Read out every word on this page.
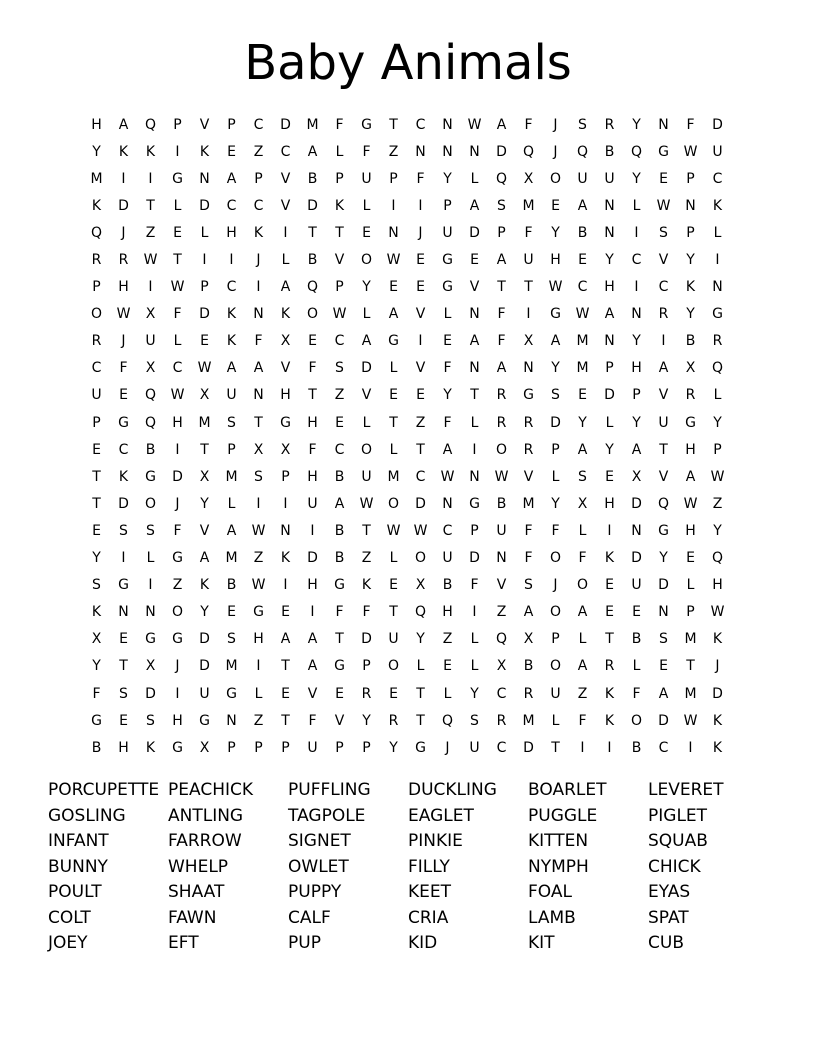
Baby Animals
H	A	Q	P	V	P	C	D	M	F	G	T	C	N	W	A	F	J	S	R	Y	N	F	D
Y	K	K	I	K	E	Z	C	A	L	F	Z	N	N	N	D	Q	J	Q	B	Q	G	W	U
M	I	I	G	N	A	P	V	B	P	U	P	F	Y	L	Q	X	O	U	U	Y	E	P	C
K	D	T	L	D	C	C	V	D	K	L	I	I	P	A	S	M	E	A	N	L	W	N	K
Q	J	Z	E	L	H	K	I	T	T	E	N	J	U	D	P	F	Y	B	N	I	S	P	L
R	R	W	T	I	I	J	L	B	V	O	W	E	G	E	A	U	H	E	Y	C	V	Y	I
P	H	I	W	P	C	I	A	Q	P	Y	E	E	G	V	T	T	W	C	H	I	C	K	N
O	W	X	F	D	K	N	K	O	W	L	A	V	L	N	F	I	G	W	A	N	R	Y	G
R	J	U	L	E	K	F	X	E	C	A	G	I	E	A	F	X	A	M	N	Y	I	B	R
C	F	X	C	W	A	A	V	F	S	D	L	V	F	N	A	N	Y	M	P	H	A	X	Q
U	E	Q	W	X	U	N	H	T	Z	V	E	E	Y	T	R	G	S	E	D	P	V	R	L
P	G	Q	H	M	S	T	G	H	E	L	T	Z	F	L	R	R	D	Y	L	Y	U	G	Y
E	C	B	I	T	P	X	X	F	C	O	L	T	A	I	O	R	P	A	Y	A	T	H	P
T	K	G	D	X	M	S	P	H	B	U	M	C	W	N	W	V	L	S	E	X	V	A	W
T	D	O	J	Y	L	I	I	U	A	W	O	D	N	G	B	M	Y	X	H	D	Q	W	Z
E	S	S	F	V	A	W	N	I	B	T	W W	C	P	U	F	F	L	I	N	G	H	Y
Y	I	L	G	A	M	Z	K	D	B	Z	L	O	U	D	N	F	O	F	K	D	Y	E	Q
S	G	I	Z	K	B	W	I	H	G	K	E	X	B	F	V	S	J	O	E	U	D	L	H
K	N	N	O	Y	E	G	E	I	F	F	T	Q	H	I	Z	A	O	A	E	E	N	P	W
X	E	G	G	D	S	H	A	A	T	D	U	Y	Z	L	Q	X	P	L	T	B	S	M	K
Y	T	X	J	D	M	I	T	A	G	P	O	L	E	L	X	B	O	A	R	L	E	T	J
F	S	D	I	U	G	L	E	V	E	R	E	T	L	Y	C	R	U	Z	K	F	A	M	D
G	E	S	H	G	N	Z	T	F	V	Y	R	T	Q	S	R	M	L	F	K	O	D	W	K
B	H	K	G	X	P	P	P	U	P	P	Y	G	J	U	C	D	T	I	I	B	C	I	K
PORCUPETTE PEACHICK	PUFFLING	DUCKLING	BOARLET	LEVERET
GOSLING	ANTLING	TAGPOLE	EAGLET	PUGGLE	PIGLET
INFANT	FARROW	SIGNET	PINKIE	KITTEN	SQUAB
BUNNY	WHELP	OWLET	FILLY	NYMPH	CHICK
POULT	SHAAT	PUPPY	KEET	FOAL	EYAS
COLT	FAWN	CALF	CRIA	LAMB	SPAT
JOEY	EFT	PUP	KID	KIT	CUB
